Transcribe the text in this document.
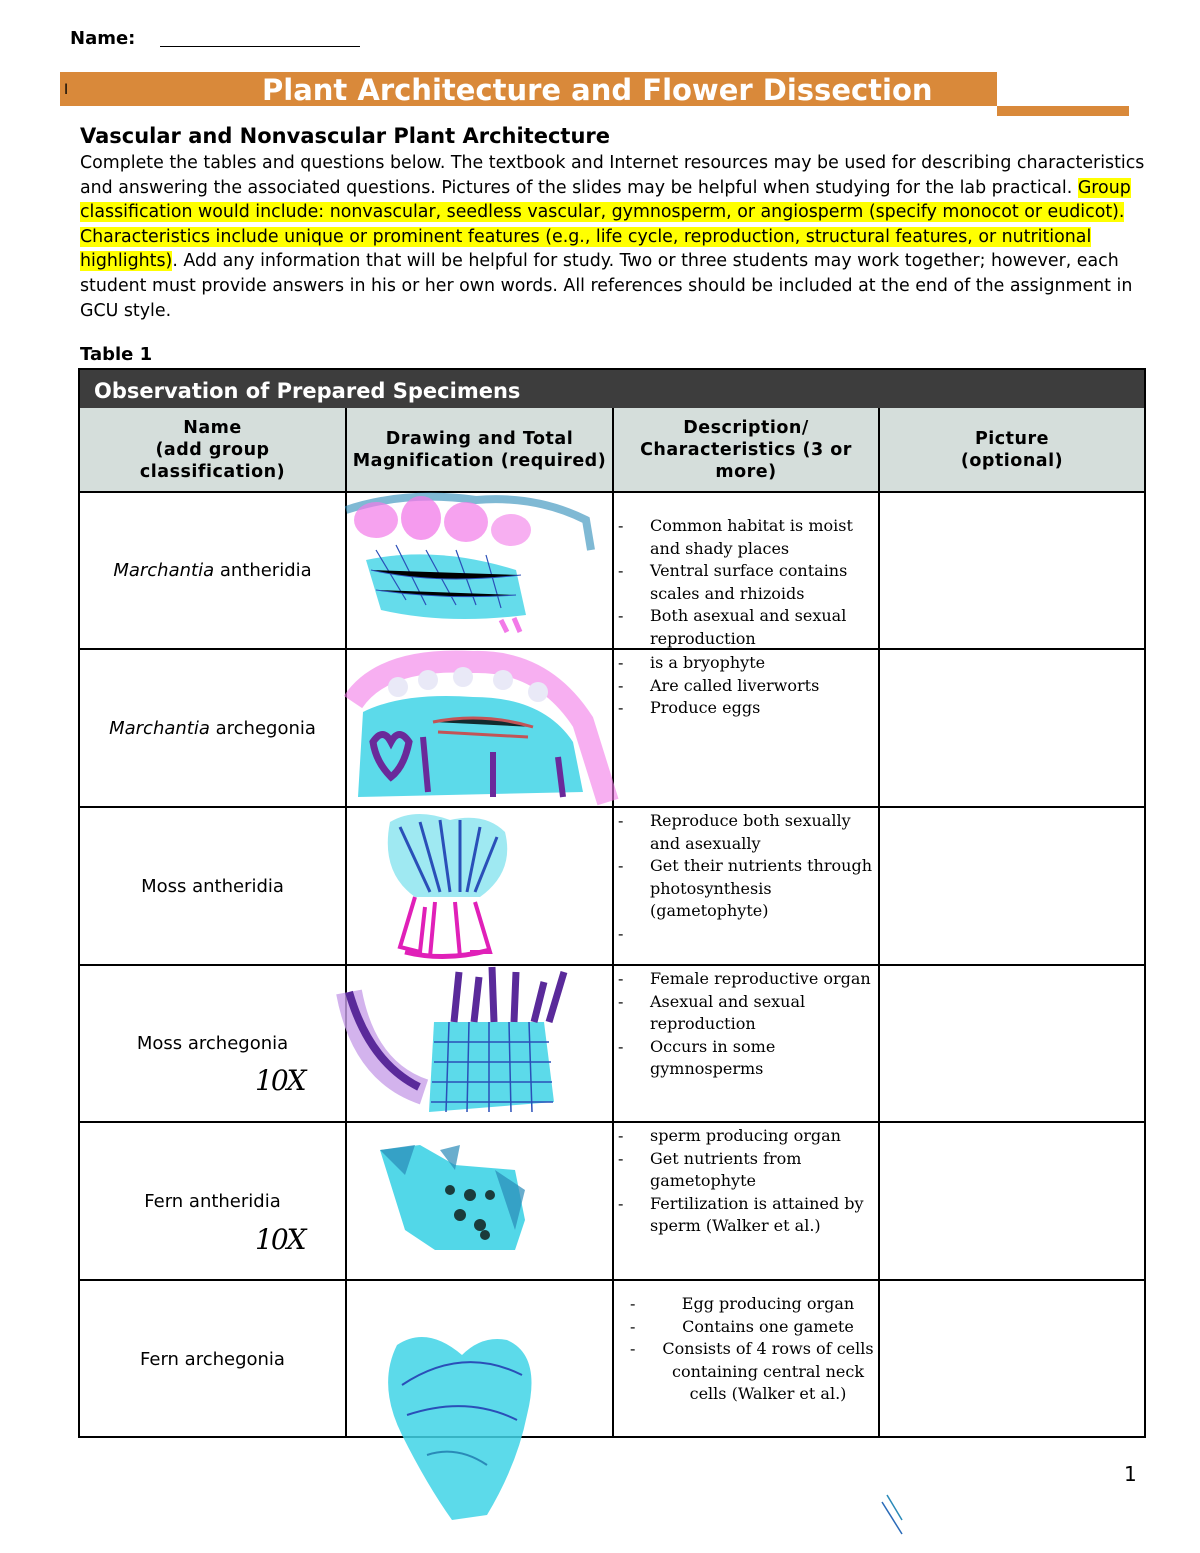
Name:
I
Worksheet
Plant Architecture and Flower Dissection
Vascular and Nonvascular Plant Architecture
Complete the tables and questions below. The textbook and Internet resources may be used for describing characteristics and answering the associated questions. Pictures of the slides may be helpful when studying for the lab practical. Group classification would include: nonvascular, seedless vascular, gymnosperm, or angiosperm (specify monocot or eudicot). Characteristics include unique or prominent features (e.g., life cycle, reproduction, structural features, or nutritional highlights). Add any information that will be helpful for study. Two or three students may work together; however, each student must provide answers in his or her own words. All references should be included at the end of the assignment in GCU style.
Table 1
Observation of Prepared Specimens
Name
(add group classification)
Drawing and Total Magnification (required)
Description/ Characteristics (3 or more)
Picture
(optional)
Marchantia antheridia
- Common habitat is moist and shady places
- Ventral surface contains scales and rhizoids
- Both asexual and sexual reproduction
Marchantia archegonia
- is a bryophyte
- Are called liverworts
- Produce eggs
Moss antheridia
- Reproduce both sexually and asexually
- Get their nutrients through photosynthesis (gametophyte)
Moss archegonia
10X
- Female reproductive organ
- Asexual and sexual reproduction
- Occurs in some gymnosperms
Fern antheridia
10X
- sperm producing organ
- Get nutrients from gametophyte
- Fertilization is attained by sperm (Walker et al.)
Fern archegonia
- Egg producing organ
- Contains one gamete
- Consists of 4 rows of cells containing central neck cells (Walker et al.)
1
